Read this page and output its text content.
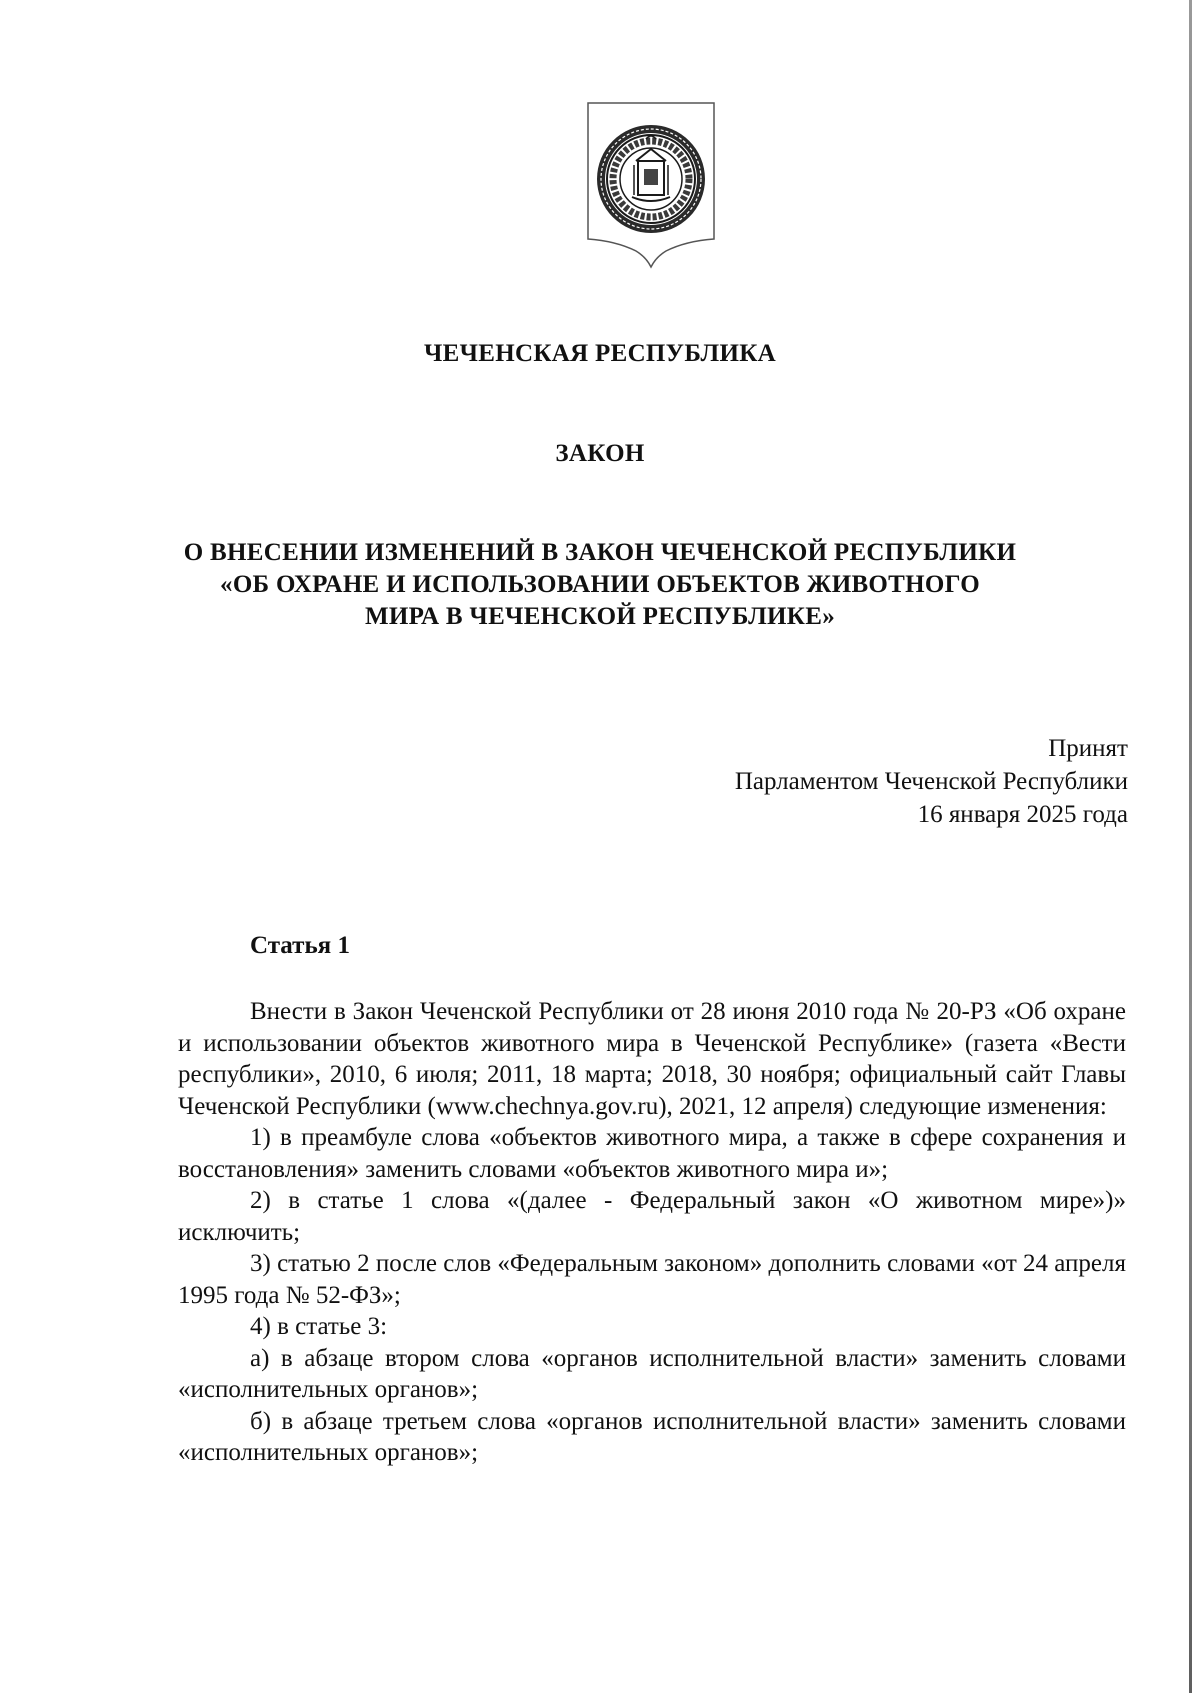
ЧЕЧЕНСКАЯ РЕСПУБЛИКА
ЗАКОН
О ВНЕСЕНИИ ИЗМЕНЕНИЙ В ЗАКОН ЧЕЧЕНСКОЙ РЕСПУБЛИКИ
«ОБ ОХРАНЕ И ИСПОЛЬЗОВАНИИ ОБЪЕКТОВ ЖИВОТНОГО
МИРА В ЧЕЧЕНСКОЙ РЕСПУБЛИКЕ»
Принят
Парламентом Чеченской Республики
16 января 2025 года
Статья 1

Внести в Закон Чеченской Республики от 28 июня 2010 года № 20-РЗ «Об охране и использовании объектов животного мира в Чеченской Республике» (газета «Вести республики», 2010, 6 июля; 2011, 18 марта; 2018, 30 ноября; официальный сайт Главы Чеченской Республики (www.chechnya.gov.ru), 2021, 12 апреля) следующие изменения:

1) в преамбуле слова «объектов животного мира, а также в сфере сохранения и восстановления» заменить словами «объектов животного мира и»;

2) в статье 1 слова «(далее - Федеральный закон «О животном мире»)» исключить;

3) статью 2 после слов «Федеральным законом» дополнить словами «от 24 апреля 1995 года № 52-ФЗ»;

4) в статье 3:

а) в абзаце втором слова «органов исполнительной власти» заменить словами «исполнительных органов»;

б) в абзаце третьем слова «органов исполнительной власти» заменить словами «исполнительных органов»;
